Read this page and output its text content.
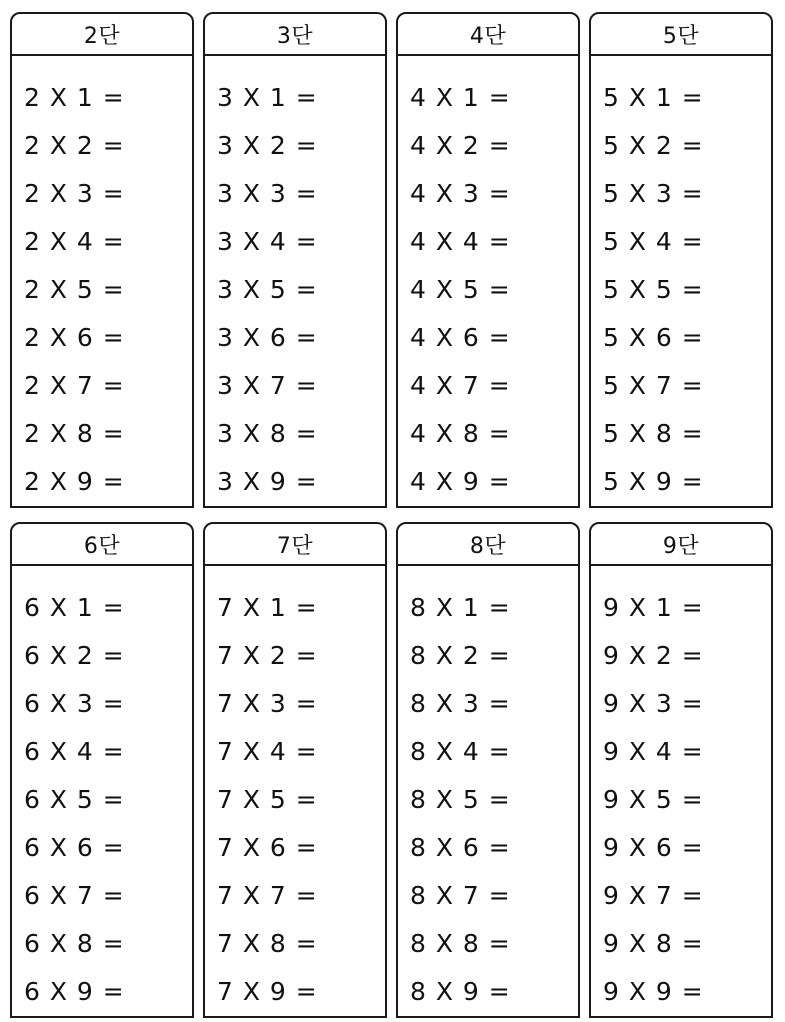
2단
2 X 1 =
2 X 2 =
2 X 3 =
2 X 4 =
2 X 5 =
2 X 6 =
2 X 7 =
2 X 8 =
2 X 9 =
3단
3 X 1 =
3 X 2 =
3 X 3 =
3 X 4 =
3 X 5 =
3 X 6 =
3 X 7 =
3 X 8 =
3 X 9 =
4단
4 X 1 =
4 X 2 =
4 X 3 =
4 X 4 =
4 X 5 =
4 X 6 =
4 X 7 =
4 X 8 =
4 X 9 =
5단
5 X 1 =
5 X 2 =
5 X 3 =
5 X 4 =
5 X 5 =
5 X 6 =
5 X 7 =
5 X 8 =
5 X 9 =
6단
6 X 1 =
6 X 2 =
6 X 3 =
6 X 4 =
6 X 5 =
6 X 6 =
6 X 7 =
6 X 8 =
6 X 9 =
7단
7 X 1 =
7 X 2 =
7 X 3 =
7 X 4 =
7 X 5 =
7 X 6 =
7 X 7 =
7 X 8 =
7 X 9 =
8단
8 X 1 =
8 X 2 =
8 X 3 =
8 X 4 =
8 X 5 =
8 X 6 =
8 X 7 =
8 X 8 =
8 X 9 =
9단
9 X 1 =
9 X 2 =
9 X 3 =
9 X 4 =
9 X 5 =
9 X 6 =
9 X 7 =
9 X 8 =
9 X 9 =
